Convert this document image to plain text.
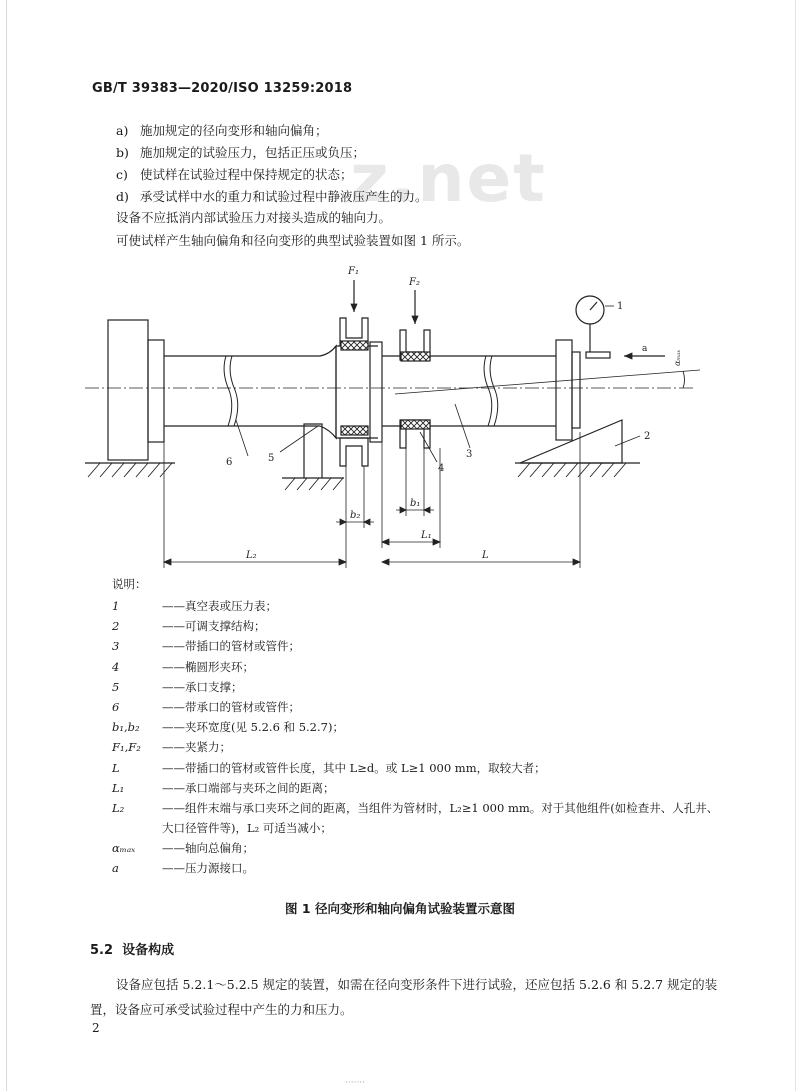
GB/T 39383—2020/ISO 13259:2018
z.net
a) 施加规定的径向变形和轴向偏角；
b) 施加规定的试验压力，包括正压或负压；
c) 使试样在试验过程中保持规定的状态；
d) 承受试样中水的重力和试验过程中静液压产生的力。
设备不应抵消内部试验压力对接头造成的轴向力。
可使试样产生轴向偏角和径向变形的典型试验装置如图 1 所示。
F₁
F₂
1
2
3
4
5
6
a
αₘₐₓ
b₂
b₁
L₁
L₂	L
说明：
1	——真空表或压力表；
2	——可调支撑结构；
3	——带插口的管材或管件；
4	——椭圆形夹环；
5	——承口支撑；
6	——带承口的管材或管件；
b₁,b₂	——夹环宽度(见 5.2.6 和 5.2.7)；
F₁,F₂	——夹紧力；
L	——带插口的管材或管件长度，其中 L≥d。或 L≥1 000 mm，取较大者；
L₁	——承口端部与夹环之间的距离；
L₂	——组件末端与承口夹环之间的距离，当组件为管材时，L₂≥1 000 mm。对于其他组件(如检查井、人孔井、
大口径管件等)，L₂ 可适当减小；
αₘₐₓ	——轴向总偏角；
a	——压力源接口。
图 1 径向变形和轴向偏角试验装置示意图
5.2 设备构成
设备应包括 5.2.1～5.2.5 规定的装置，如需在径向变形条件下进行试验，还应包括 5.2.6 和 5.2.7 规定的装置，设备应可承受试验过程中产生的力和压力。
2
·······
